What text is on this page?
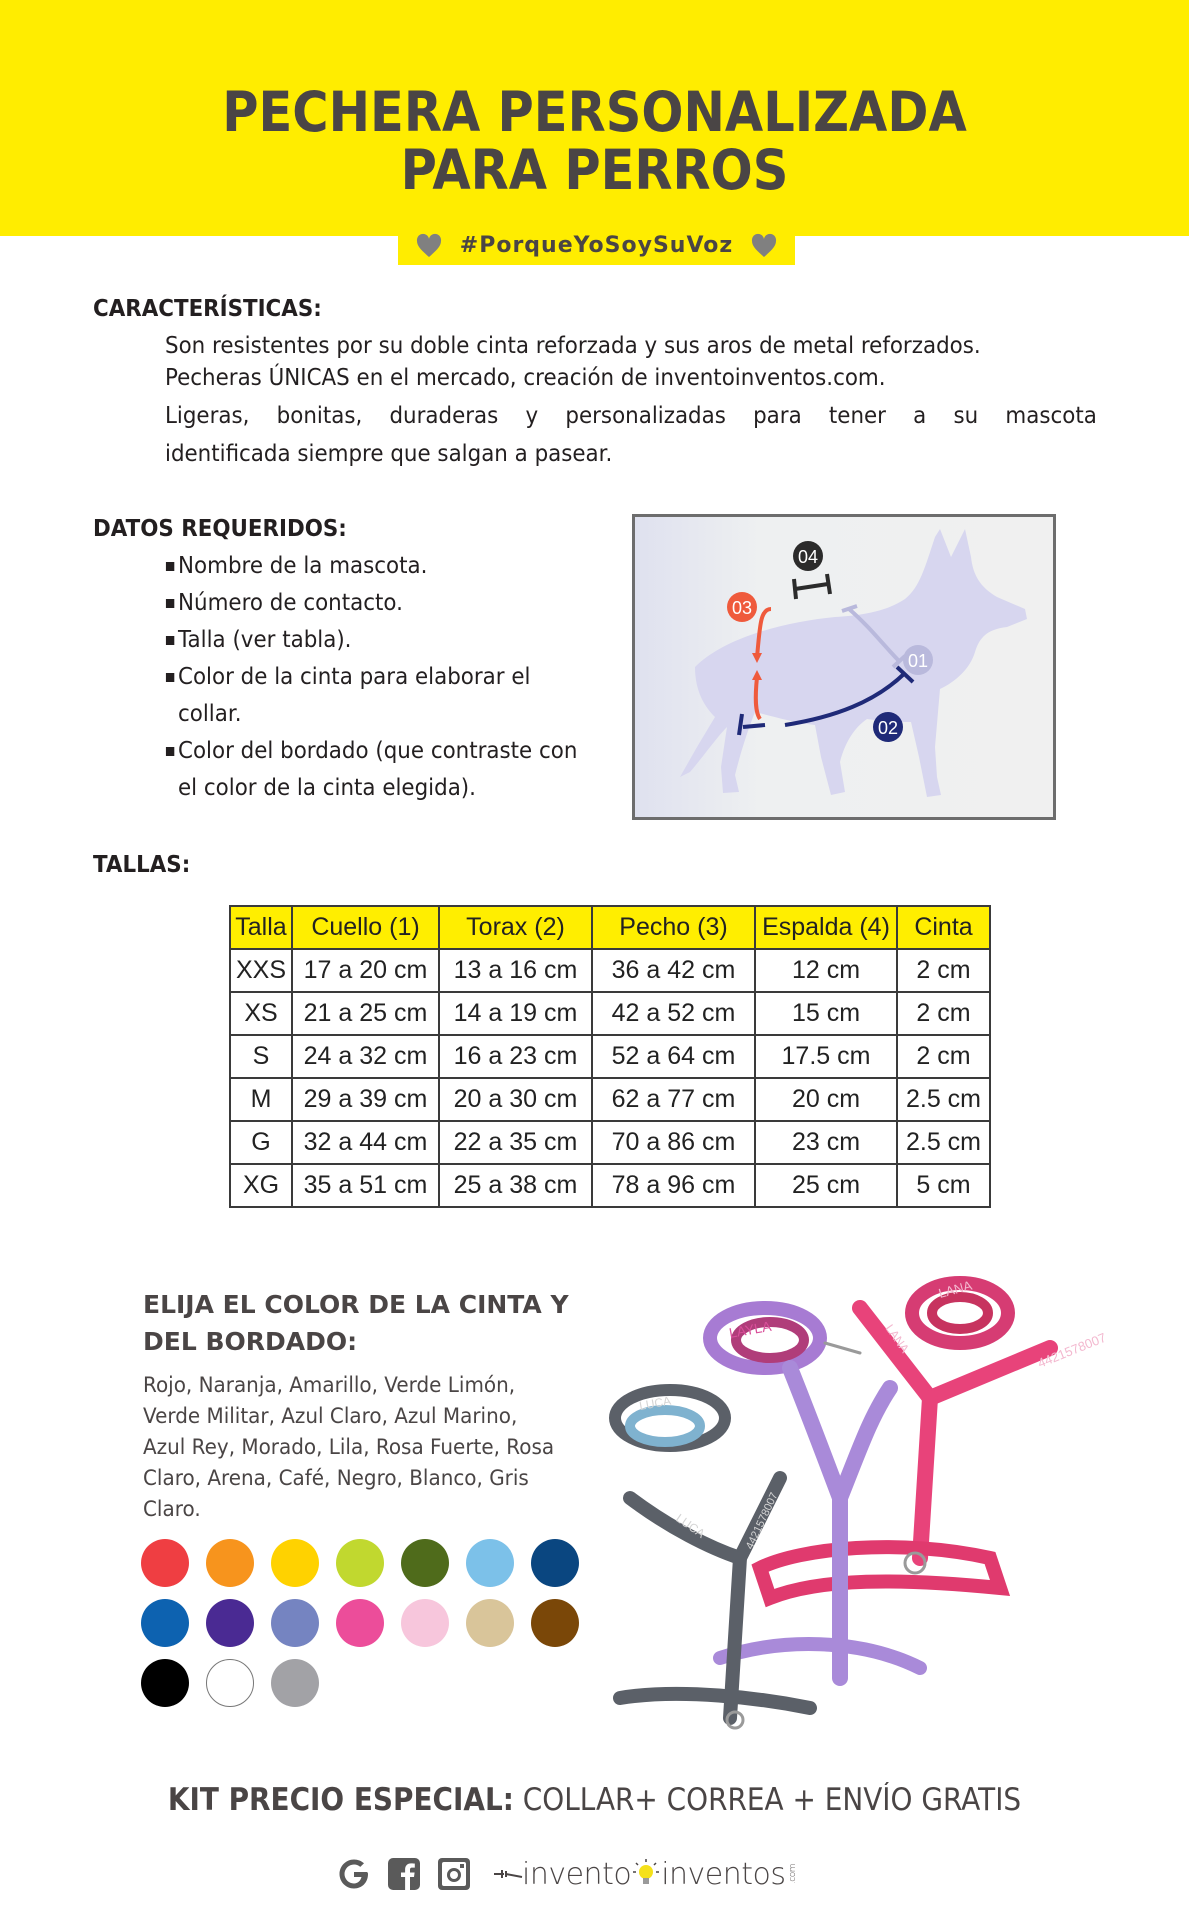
PECHERA PERSONALIZADA
PARA PERROS
#PorqueYoSoySuVoz
CARACTERÍSTICAS:
Son resistentes por su doble cinta reforzada y sus aros de metal reforzados.
Pecheras ÚNICAS en el mercado, creación de inventoinventos.com.
Ligeras, bonitas, duraderas y personalizadas para tener a su mascota
identificada siempre que salgan a pasear.
DATOS REQUERIDOS:
Nombre de la mascota.
Número de contacto.
Talla (ver tabla).
Color de la cinta para elaborar el collar.
Color del bordado (que contraste con el color de la cinta elegida).
01
02
03
04
TALLAS:
Talla	Cuello (1)	Torax (2)	Pecho (3)	Espalda (4)	Cinta
XXS	17 a 20 cm	13 a 16 cm	36 a 42 cm	12 cm	2 cm
XS	21 a 25 cm	14 a 19 cm	42 a 52 cm	15 cm	2 cm
S	24 a 32 cm	16 a 23 cm	52 a 64 cm	17.5 cm	2 cm
M	29 a 39 cm	20 a 30 cm	62 a 77 cm	20 cm	2.5 cm
G	32 a 44 cm	22 a 35 cm	70 a 86 cm	23 cm	2.5 cm
XG	35 a 51 cm	25 a 38 cm	78 a 96 cm	25 cm	5 cm
ELIJA EL COLOR DE LA CINTA Y DEL BORDADO:
Rojo, Naranja, Amarillo, Verde Limón, Verde Militar, Azul Claro, Azul Marino, Azul Rey, Morado, Lila, Rosa Fuerte, Rosa Claro, Arena, Café, Negro, Blanco, Gris Claro.
4421578007
LANA
LANA
LAYLA
LUCA
LUCA	4421578007
KIT PRECIO ESPECIAL: COLLAR+ CORREA + ENVÍO GRATIS
invento inventos .com
